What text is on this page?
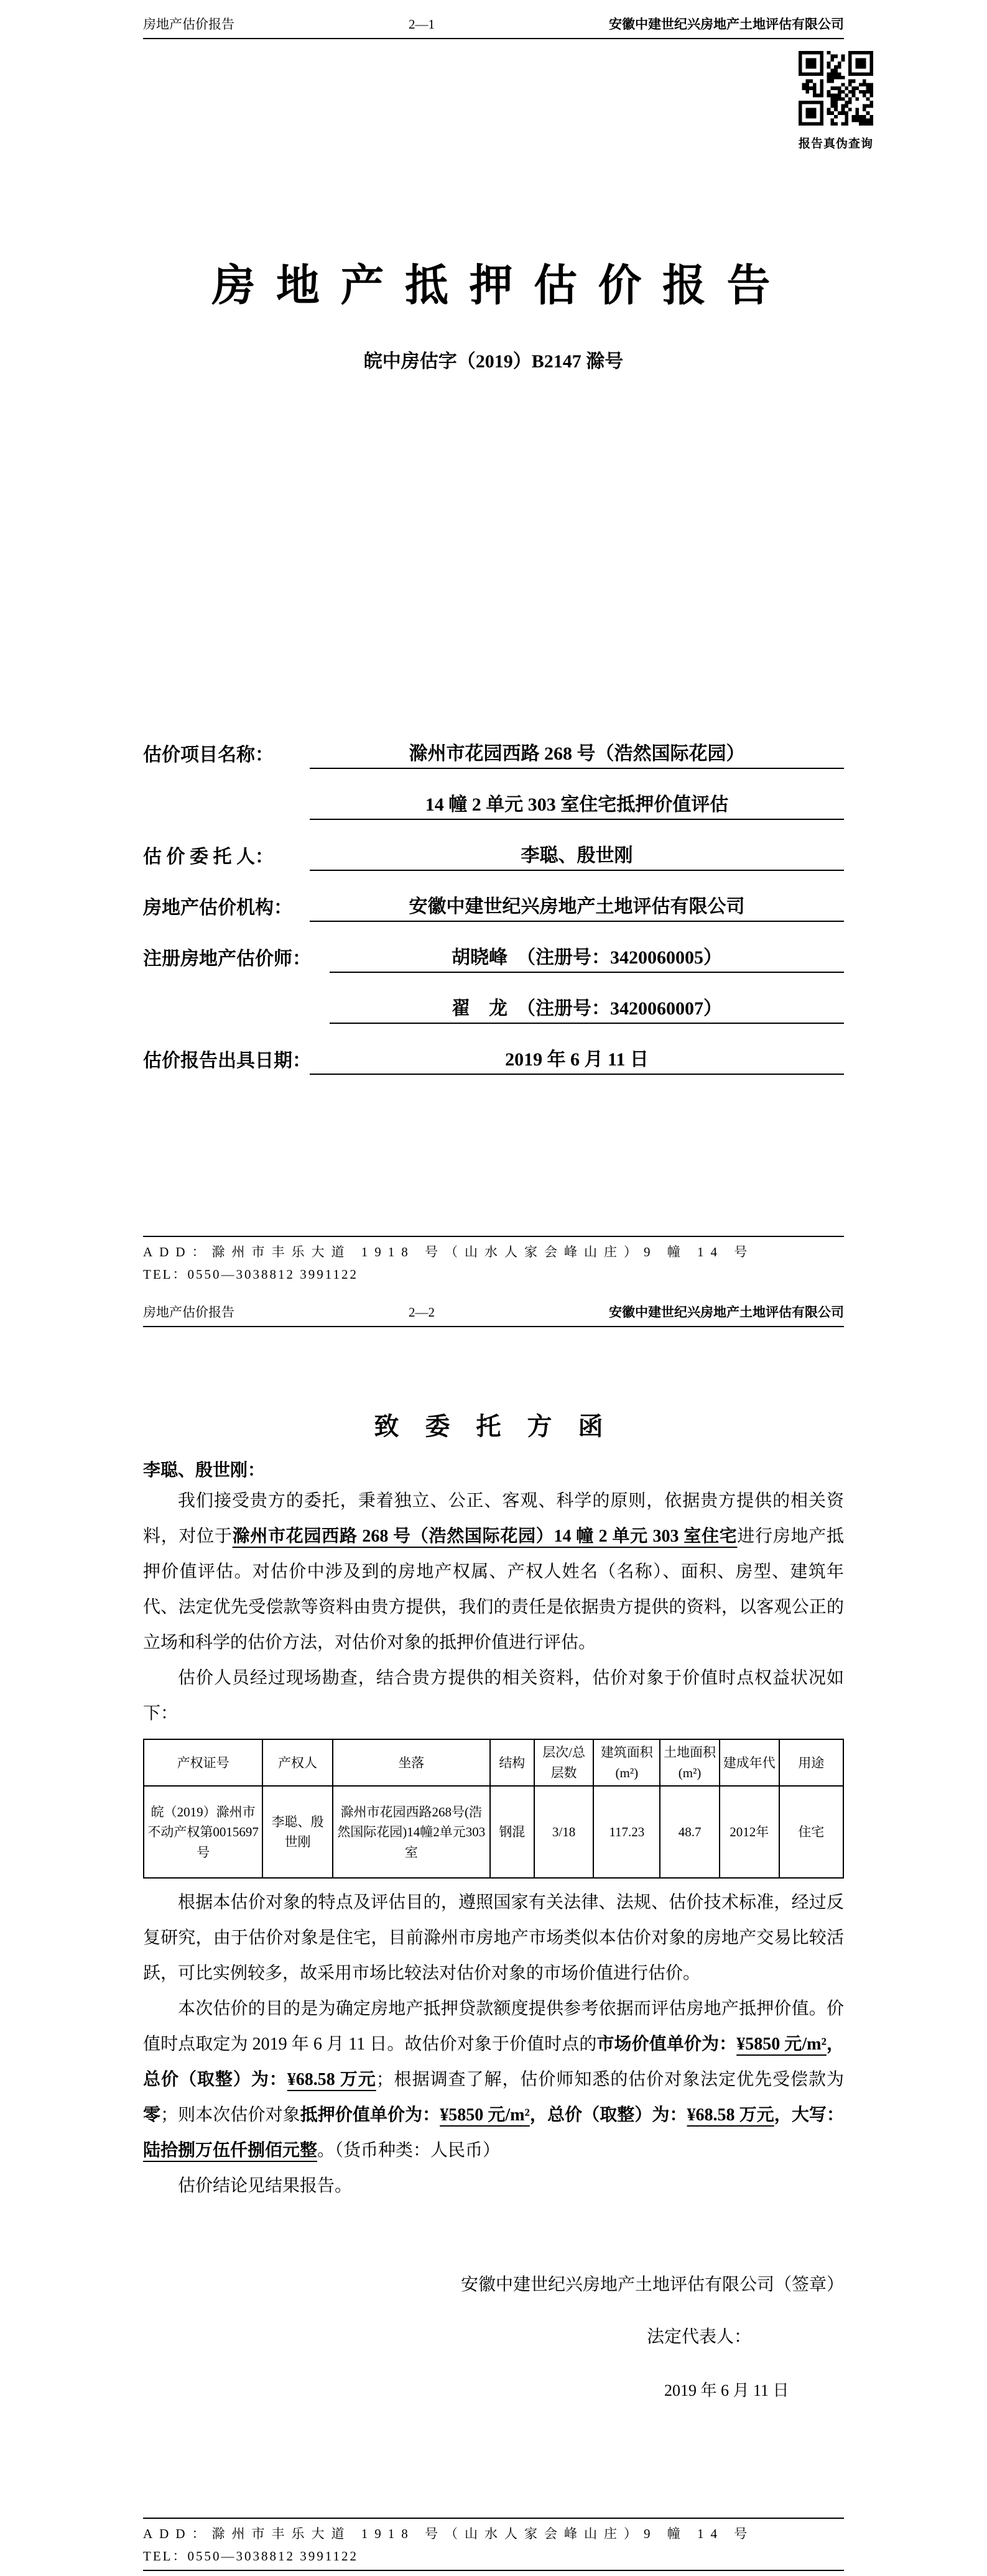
房地产估价报告	2—1	安徽中建世纪兴房地产土地评估有限公司
报告真伪查询
房 地 产 抵 押 估 价 报 告
皖中房估字（2019）B2147 滁号
估价项目名称：	滁州市花园西路 268 号（浩然国际花园）
14 幢 2 单元 303 室住宅抵押价值评估
估 价 委 托 人：	李聪、殷世刚
房地产估价机构：	安徽中建世纪兴房地产土地评估有限公司
注册房地产估价师：	胡晓峰　（注册号：3420060005）
翟　龙　（注册号：3420060007）
估价报告出具日期：	2019 年 6 月 11 日
ADD：滁州市丰乐大道 1918 号（山水人家会峰山庄）9 幢 14 号
TEL：0550—3038812 3991122
房地产估价报告	2—2	安徽中建世纪兴房地产土地评估有限公司
致 委 托 方 函
李聪、殷世刚：

我们接受贵方的委托，秉着独立、公正、客观、科学的原则，依据贵方提供的相关资料，对位于滁州市花园西路 268 号（浩然国际花园）14 幢 2 单元 303 室住宅进行房地产抵押价值评估。对估价中涉及到的房地产权属、产权人姓名（名称）、面积、房型、建筑年代、法定优先受偿款等资料由贵方提供，我们的责任是依据贵方提供的资料，以客观公正的立场和科学的估价方法，对估价对象的抵押价值进行评估。

估价人员经过现场勘查，结合贵方提供的相关资料，估价对象于价值时点权益状况如下：

产权证号	产权人	坐落	结构	层次/总层数	建筑面积(m²)	土地面积(m²)	建成年代	用途
皖（2019）滁州市不动产权第0015697号	李聪、殷世刚	滁州市花园西路268号(浩然国际花园)14幢2单元303室	钢混	3/18	117.23	48.7	2012年	住宅

根据本估价对象的特点及评估目的，遵照国家有关法律、法规、估价技术标准，经过反复研究，由于估价对象是住宅，目前滁州市房地产市场类似本估价对象的房地产交易比较活跃，可比实例较多，故采用市场比较法对估价对象的市场价值进行估价。

本次估价的目的是为确定房地产抵押贷款额度提供参考依据而评估房地产抵押价值。价值时点取定为 2019 年 6 月 11 日。故估价对象于价值时点的市场价值单价为：¥5850 元/m²，总价（取整）为：¥68.58 万元；根据调查了解，估价师知悉的估价对象法定优先受偿款为零；则本次估价对象抵押价值单价为：¥5850 元/m²，总价（取整）为：¥68.58 万元，大写：陆拾捌万伍仟捌佰元整。（货币种类：人民币）

估价结论见结果报告。

安徽中建世纪兴房地产土地评估有限公司（签章）
法定代表人：
2019 年 6 月 11 日
ADD：滁州市丰乐大道 1918 号（山水人家会峰山庄）9 幢 14 号
TEL：0550—3038812 3991122
